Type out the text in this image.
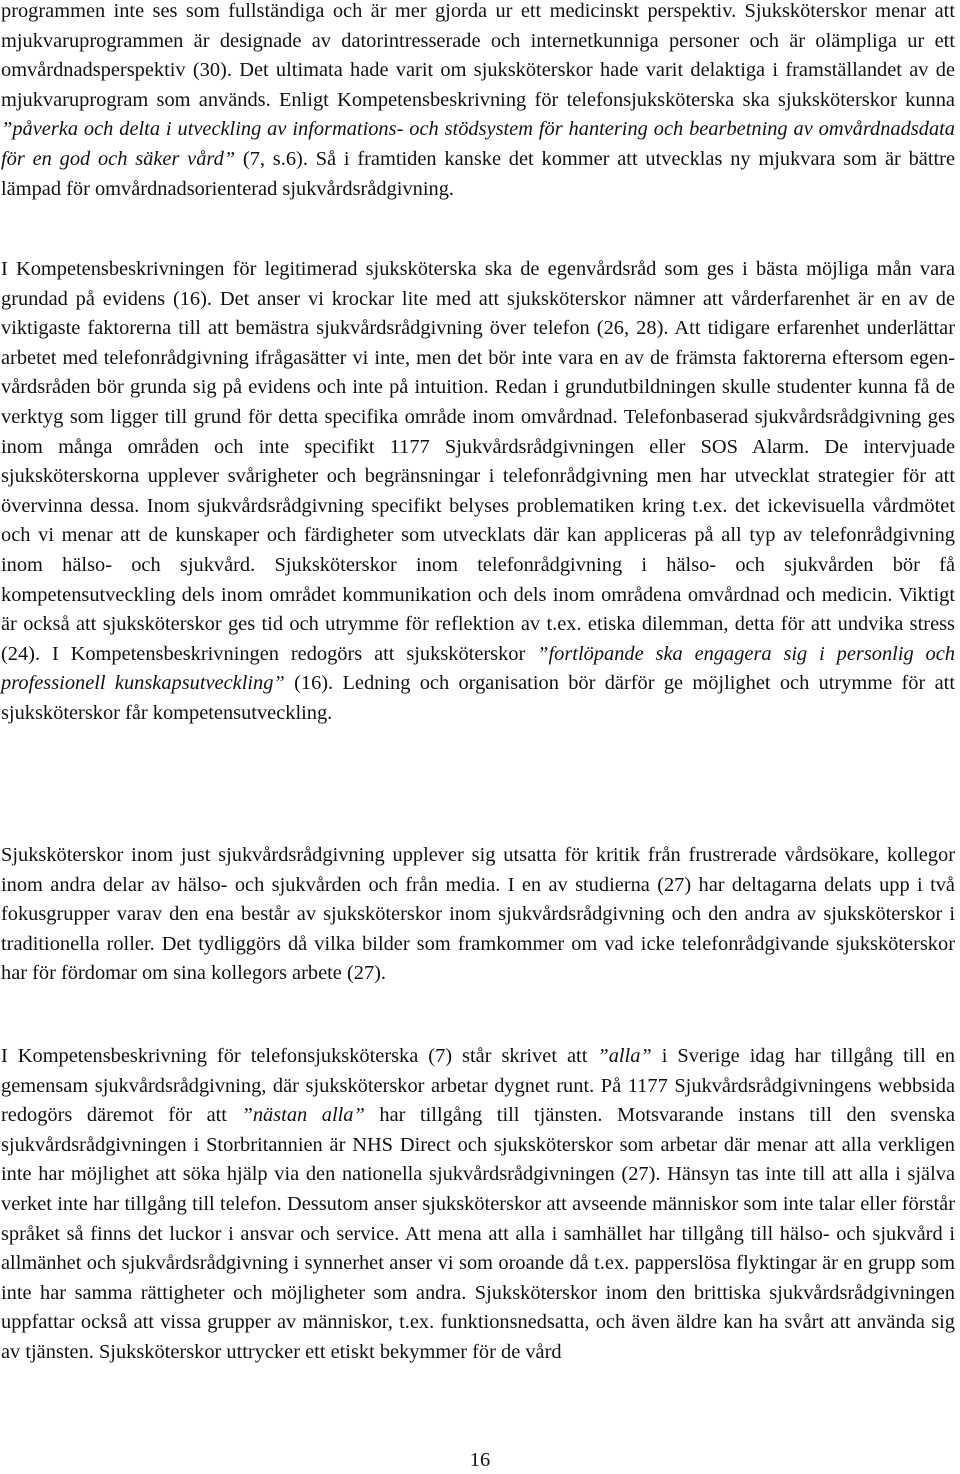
programmen inte ses som fullständiga och är mer gjorda ur ett medicinskt perspektiv. Sjuksköterskor menar att mjukvaruprogrammen är designade av datorintresserade och internetkunniga personer och är olämpliga ur ett omvårdnadsperspektiv (30). Det ultimata hade varit om sjuksköterskor hade varit delaktiga i framställandet av de mjukvaruprogram som används. Enligt Kompetensbeskrivning för telefonsjuksköterska ska sjuksköterskor kunna ”påverka och delta i utveckling av informations- och stödsystem för hantering och bearbetning av omvårdnadsdata för en god och säker vård” (7, s.6). Så i framtiden kanske det kommer att utvecklas ny mjukvara som är bättre lämpad för omvårdnadsorienterad sjukvårdsrådgivning.

I Kompetensbeskrivningen för legitimerad sjuksköterska ska de egenvårdsråd som ges i bästa möjliga mån vara grundad på evidens (16). Det anser vi krockar lite med att sjuksköterskor nämner att vårderfarenhet är en av de viktigaste faktorerna till att bemästra sjukvårdsrådgivning över telefon (26, 28). Att tidigare erfarenhet underlättar arbetet med telefonrådgivning ifrågasätter vi inte, men det bör inte vara en av de främsta faktorerna eftersom egenvårdsråden bör grunda sig på evidens och inte på intuition. Redan i grundutbildningen skulle studenter kunna få de verktyg som ligger till grund för detta specifika område inom omvårdnad. Telefonbaserad sjukvårdsrådgivning ges inom många områden och inte specifikt 1177 Sjukvårdsrådgivningen eller SOS Alarm. De intervjuade sjuksköterskorna upplever svårigheter och begränsningar i telefonrådgivning men har utvecklat strategier för att övervinna dessa. Inom sjukvårdsrådgivning specifikt belyses problematiken kring t.ex. det ickevisuella vårdmötet och vi menar att de kunskaper och färdigheter som utvecklats där kan appliceras på all typ av telefonrådgivning inom hälso- och sjukvård. Sjuksköterskor inom telefonrådgivning i hälso- och sjukvården bör få kompetensutveckling dels inom området kommunikation och dels inom områdena omvårdnad och medicin. Viktigt är också att sjuksköterskor ges tid och utrymme för reflektion av t.ex. etiska dilemman, detta för att undvika stress (24). I Kompetensbeskrivningen redogörs att sjuksköterskor ”fortlöpande ska engagera sig i personlig och professionell kunskapsutveckling” (16). Ledning och organisation bör därför ge möjlighet och utrymme för att sjuksköterskor får kompetensutveckling.

Sjuksköterskor inom just sjukvårdsrådgivning upplever sig utsatta för kritik från frustrerade vårdsökare, kollegor inom andra delar av hälso- och sjukvården och från media. I en av studierna (27) har deltagarna delats upp i två fokusgrupper varav den ena består av sjuksköterskor inom sjukvårdsrådgivning och den andra av sjuksköterskor i traditionella roller. Det tydliggörs då vilka bilder som framkommer om vad icke telefonrådgivande sjuksköterskor har för fördomar om sina kollegors arbete (27).

I Kompetensbeskrivning för telefonsjuksköterska (7) står skrivet att ”alla” i Sverige idag har tillgång till en gemensam sjukvårdsrådgivning, där sjuksköterskor arbetar dygnet runt. På 1177 Sjukvårdsrådgivningens webbsida redogörs däremot för att ”nästan alla” har tillgång till tjänsten. Motsvarande instans till den svenska sjukvårdsrådgivningen i Storbritannien är NHS Direct och sjuksköterskor som arbetar där menar att alla verkligen inte har möjlighet att söka hjälp via den nationella sjukvårdsrådgivningen (27). Hänsyn tas inte till att alla i själva verket inte har tillgång till telefon. Dessutom anser sjuksköterskor att avseende människor som inte talar eller förstår språket så finns det luckor i ansvar och service. Att mena att alla i samhället har tillgång till hälso- och sjukvård i allmänhet och sjukvårdsrådgivning i synnerhet anser vi som oroande då t.ex. papperslösa flyktingar är en grupp som inte har samma rättigheter och möjligheter som andra. Sjuksköterskor inom den brittiska sjukvårdsrådgivningen uppfattar också att vissa grupper av människor, t.ex. funktionsnedsatta, och även äldre kan ha svårt att använda sig av tjänsten. Sjuksköterskor uttrycker ett etiskt bekymmer för de vård

16
